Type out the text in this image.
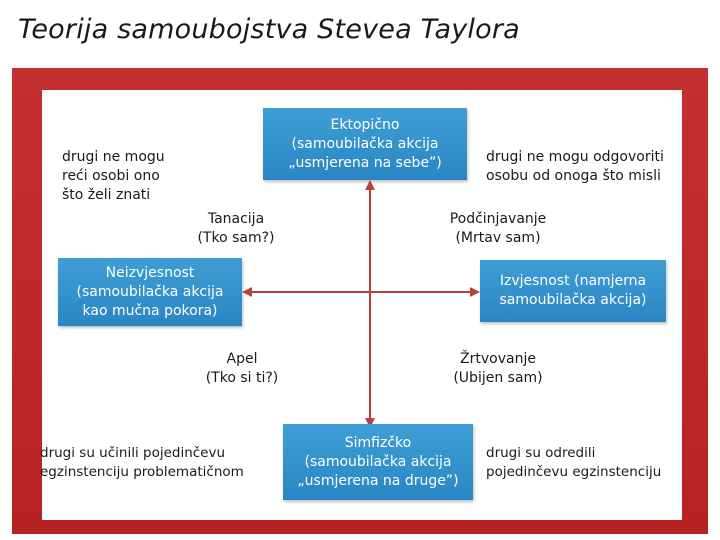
Teorija samoubojstva Stevea Taylora
Ektopično
(samoubilačka akcija
„usmjerena na sebe”)
Neizvjesnost
(samoubilačka akcija
kao mučna pokora)
Izvjesnost (namjerna
samoubilačka akcija)
Simfizčko
(samoubilačka akcija
„usmjerena na druge”)
drugi ne mogu
reći osobi ono
što želi znati
drugi ne mogu odgovoriti
osobu od onoga što misli
Tanacija
(Tko sam?)
Podčinjavanje
(Mrtav sam)
Apel
(Tko si ti?)
Žrtvovanje
(Ubijen sam)
drugi su učinili pojedinčevu
egzinstenciju problematičnom
drugi su odredili
pojedinčevu egzinstenciju
